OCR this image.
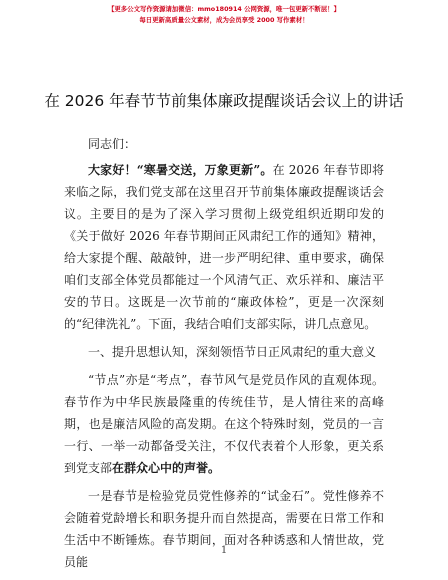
【更多公文写作资源请加微信：mmo180914 公网资源，唯一包更新不断层！】
每日更新高质量公文素材，成为会员享受 2000 写作素材！
在 2026 年春节节前集体廉政提醒谈话会议上的讲话

同志们：

大家好！“寒暑交送，万象更新”。在 2026 年春节即将来临之际，我们党支部在这里召开节前集体廉政提醒谈话会议。主要目的是为了深入学习贯彻上级党组织近期印发的《关于做好 2026 年春节期间正风肃纪工作的通知》精神，给大家提个醒、敲敲钟，进一步严明纪律、重申要求，确保咱们支部全体党员都能过一个风清气正、欢乐祥和、廉洁平安的节日。这既是一次节前的“廉政体检”，更是一次深刻的“纪律洗礼”。下面，我结合咱们支部实际，讲几点意见。

一、提升思想认知，深刻领悟节日正风肃纪的重大意义

“节点”亦是“考点”，春节风气是党员作风的直观体现。春节作为中华民族最隆重的传统佳节，是人情往来的高峰期，也是廉洁风险的高发期。在这个特殊时刻，党员的一言一行、一举一动都备受关注，不仅代表着个人形象，更关系到党支部在群众心中的声誉。

一是春节是检验党员党性修养的“试金石”。党性修养不会随着党龄增长和职务提升而自然提高，需要在日常工作和生活中不断锤炼。春节期间，面对各种诱惑和人情世故，党员能

1
